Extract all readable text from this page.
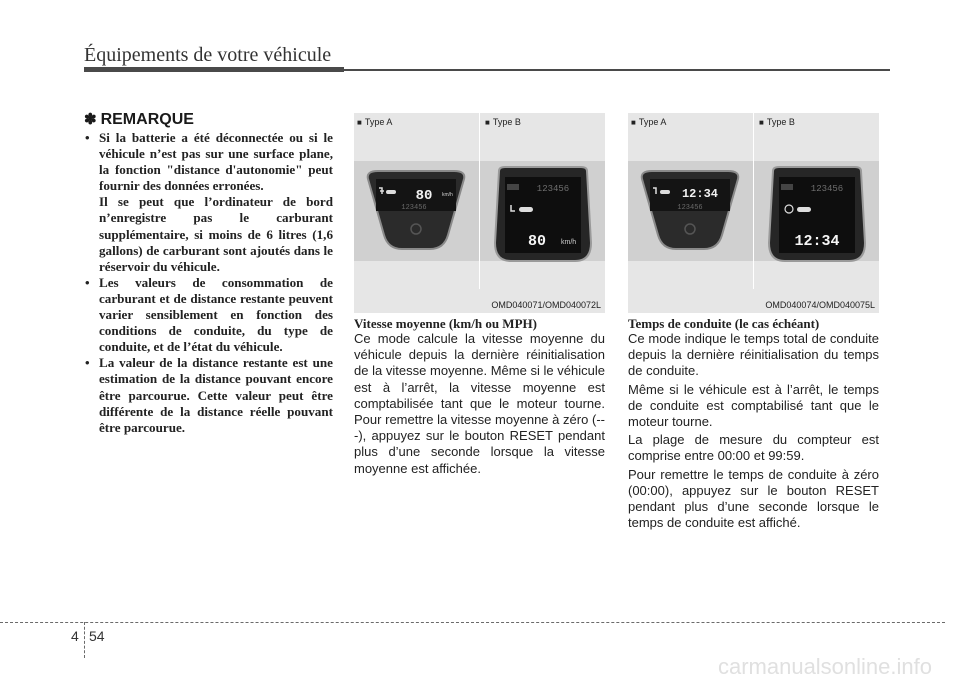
Équipements de votre véhicule
✽ REMARQUE
• Si la batterie a été déconnectée ou si le véhicule n’est pas sur une surface plane, la fonction "distance d'autonomie" peut fournir des données erronées.
Il se peut que l’ordinateur de bord n’enregistre pas le carburant supplémentaire, si moins de 6 litres (1,6 gallons) de carburant sont ajoutés dans le réservoir du véhicule.
• Les valeurs de consommation de carburant et de distance restante peuvent varier sensiblement en fonction des conditions de conduite, du type de conduite, et de l’état du véhicule.
• La valeur de la distance restante est une estimation de la distance pouvant encore être parcourue. Cette valeur peut être différente de la distance réelle pouvant être parcourue.
■ Type A	■ Type B
80 km/h
123456
123456
80 km/h
OMD040071/OMD040072L
■ Type A	■ Type B
12:34
123456
123456
12:34
OMD040074/OMD040075L
Vitesse moyenne (km/h ou MPH)
Ce mode calcule la vitesse moyenne du véhicule depuis la dernière réinitialisation de la vitesse moyenne. Même si le véhicule est à l’arrêt, la vitesse moyenne est comptabilisée tant que le moteur tourne. Pour remettre la vitesse moyenne à zéro (---), appuyez sur le bouton RESET pendant plus d’une seconde lorsque la vitesse moyenne est affichée.
Temps de conduite (le cas échéant)

Ce mode indique le temps total de conduite depuis la dernière réinitialisation du temps de conduite.

Même si le véhicule est à l’arrêt, le temps de conduite est comptabilisé tant que le moteur tourne.

La plage de mesure du compteur est comprise entre 00:00 et 99:59.

Pour remettre le temps de conduite à zéro (00:00), appuyez sur le bouton RESET pendant plus d’une seconde lorsque le temps de conduite est affiché.

4 54
carmanualsonline.info
